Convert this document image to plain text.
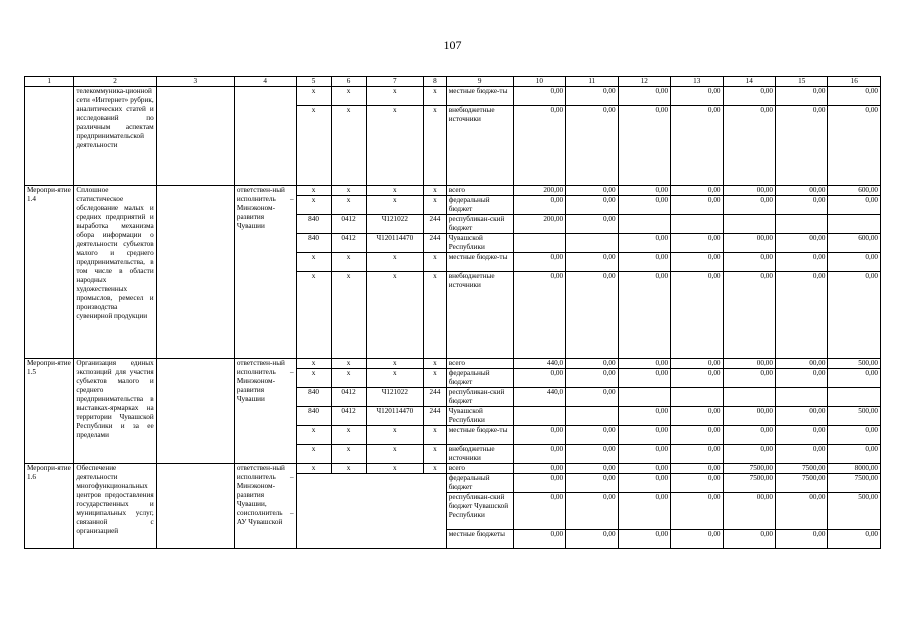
107
1	2	3	4	5	6	7	8	9	10	11	12	13	14	15	16
	телекоммуника-ционной сети «Интернет» рубрик, аналитических статей и исследований по различным аспектам предпринимательской деятельности			х	х	х	х	местные бюдже-ты	0,00	0,00	0,00	0,00	0,00	0,00	0,00
				х	х	х	х	внебюджетные источники	0,00	0,00	0,00	0,00	0,00	0,00	0,00
Меропри-ятие 1.4	Сплошное статистическое обследование малых и средних предприятий и выработка механизма обора информации о деятельности субъектов малого и среднего предпринимательства, в том числе в области народных художественных промыслов, ремесел и производства сувенирной продукции		ответствен-ный исполнитель – Минэконом-развития Чувашии	х	х	х	х	всего	200,00	0,00	0,00	0,00	00,00	00,00	600,00
				х	х	х	х	федеральный бюджет	0,00	0,00	0,00	0,00	0,00	0,00	0,00
				840	0412	Ч121022	244	республикан-ский бюджет	200,00	0,00					
				840	0412	Ч120114470	244	Чувашской Республики			0,00	0,00	00,00	00,00	600,00
				х	х	х	х	местные бюдже-ты	0,00	0,00	0,00	0,00	0,00	0,00	0,00
				х	х	х	х	внебюджетные источники	0,00	0,00	0,00	0,00	0,00	0,00	0,00
Меропри-ятие 1.5	Организация единых экспозиций для участия субъектов малого и среднего предпринимательства в выставках-ярмарках на территории Чувашской Республики и за ее пределами		ответствен-ный исполнитель – Минэконом-развития Чувашии	х	х	х	х	всего	440,0	0,00	0,00	0,00	00,00	00,00	500,00
				х	х	х	х	федеральный бюджет	0,00	0,00	0,00	0,00	0,00	0,00	0,00
				840	0412	Ч121022	244	республикан-ский бюджет	440,0	0,00					
				840	0412	Ч120114470	244	Чувашской Республики			0,00	0,00	00,00	00,00	500,00
				х	х	х	х	местные бюдже-ты	0,00	0,00	0,00	0,00	0,00	0,00	0,00
				х	х	х	х	внебюджетные источники	0,00	0,00	0,00	0,00	0,00	0,00	0,00
Меропри-ятие 1.6	Обеспечение деятельности многофункциональных центров предоставления государственных и муниципальных услуг, связанной с организацией		ответствен-ный исполнитель – Минэконом-развития Чувашии, соисполнитель – АУ Чувашской	х	х	х	х	всего	0,00	0,00	0,00	0,00	7500,00	7500,00	8000,00
								федеральный бюджет	0,00	0,00	0,00	0,00	7500,00	7500,00	7500,00
								республикан-ский бюджет Чувашской Республики	0,00	0,00	0,00	0,00	00,00	00,00	500,00
								местные бюджеты	0,00	0,00	0,00	0,00	0,00	0,00	0,00
